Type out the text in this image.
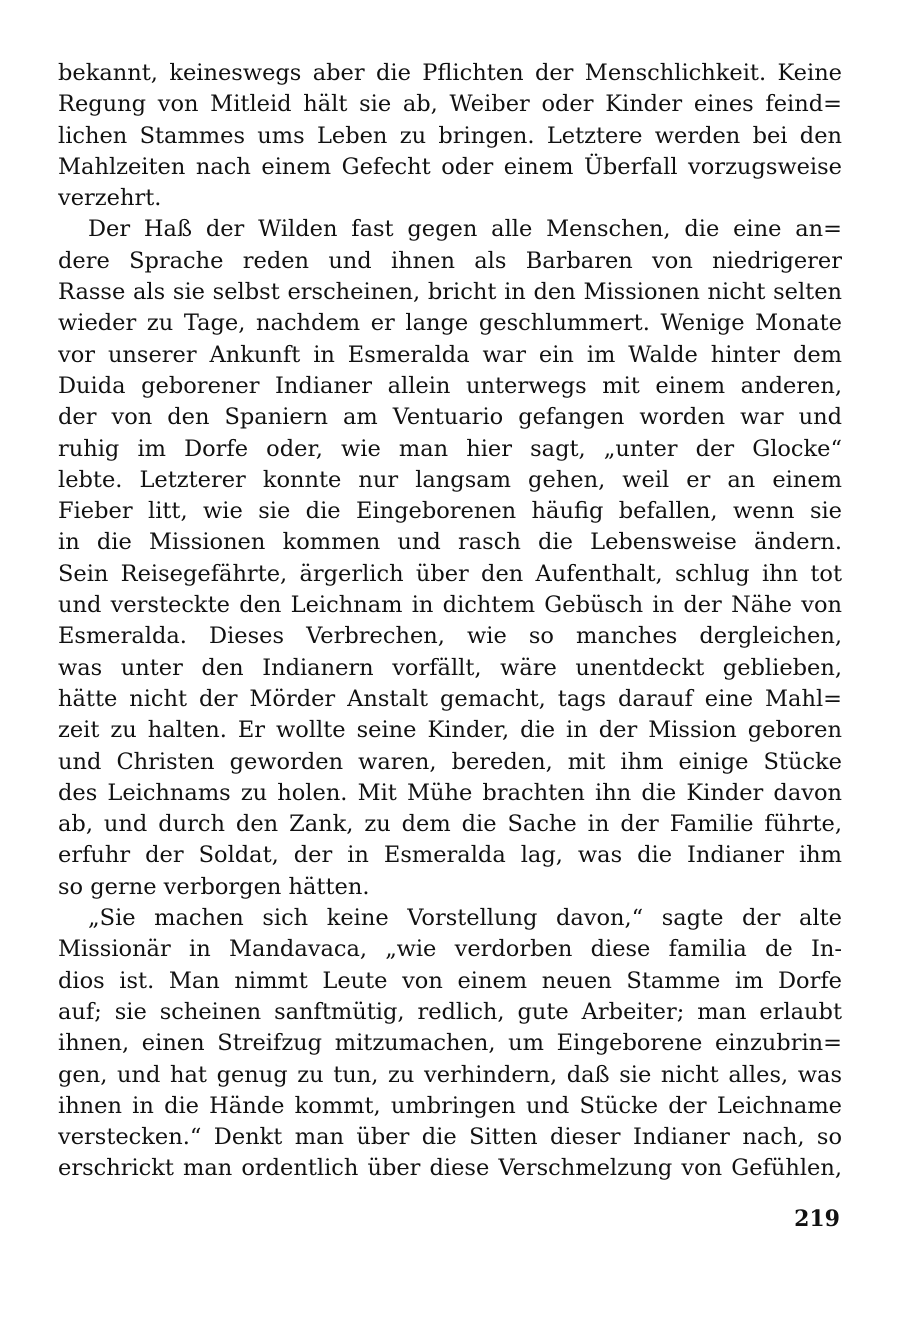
bekannt, keineswegs aber die Pflichten der Menschlichkeit. Keine
Regung von Mitleid hält sie ab, Weiber oder Kinder eines feind=
lichen Stammes ums Leben zu bringen. Letztere werden bei den
Mahlzeiten nach einem Gefecht oder einem Überfall vorzugsweise
verzehrt.
Der Haß der Wilden fast gegen alle Menschen, die eine an=
dere Sprache reden und ihnen als Barbaren von niedrigerer
Rasse als sie selbst erscheinen, bricht in den Missionen nicht selten
wieder zu Tage, nachdem er lange geschlummert. Wenige Monate
vor unserer Ankunft in Esmeralda war ein im Walde hinter dem
Duida geborener Indianer allein unterwegs mit einem anderen,
der von den Spaniern am Ventuario gefangen worden war und
ruhig im Dorfe oder, wie man hier sagt, „unter der Glocke“
lebte. Letzterer konnte nur langsam gehen, weil er an einem
Fieber litt, wie sie die Eingeborenen häufig befallen, wenn sie
in die Missionen kommen und rasch die Lebensweise ändern.
Sein Reisegefährte, ärgerlich über den Aufenthalt, schlug ihn tot
und versteckte den Leichnam in dichtem Gebüsch in der Nähe von
Esmeralda. Dieses Verbrechen, wie so manches dergleichen,
was unter den Indianern vorfällt, wäre unentdeckt geblieben,
hätte nicht der Mörder Anstalt gemacht, tags darauf eine Mahl=
zeit zu halten. Er wollte seine Kinder, die in der Mission geboren
und Christen geworden waren, bereden, mit ihm einige Stücke
des Leichnams zu holen. Mit Mühe brachten ihn die Kinder davon
ab, und durch den Zank, zu dem die Sache in der Familie führte,
erfuhr der Soldat, der in Esmeralda lag, was die Indianer ihm
so gerne verborgen hätten.
„Sie machen sich keine Vorstellung davon,“ sagte der alte
Missionär in Mandavaca, „wie verdorben diese familia de In-
dios ist. Man nimmt Leute von einem neuen Stamme im Dorfe
auf; sie scheinen sanftmütig, redlich, gute Arbeiter; man erlaubt
ihnen, einen Streifzug mitzumachen, um Eingeborene einzubrin=
gen, und hat genug zu tun, zu verhindern, daß sie nicht alles, was
ihnen in die Hände kommt, umbringen und Stücke der Leichname
verstecken.“ Denkt man über die Sitten dieser Indianer nach, so
erschrickt man ordentlich über diese Verschmelzung von Gefühlen,
219
